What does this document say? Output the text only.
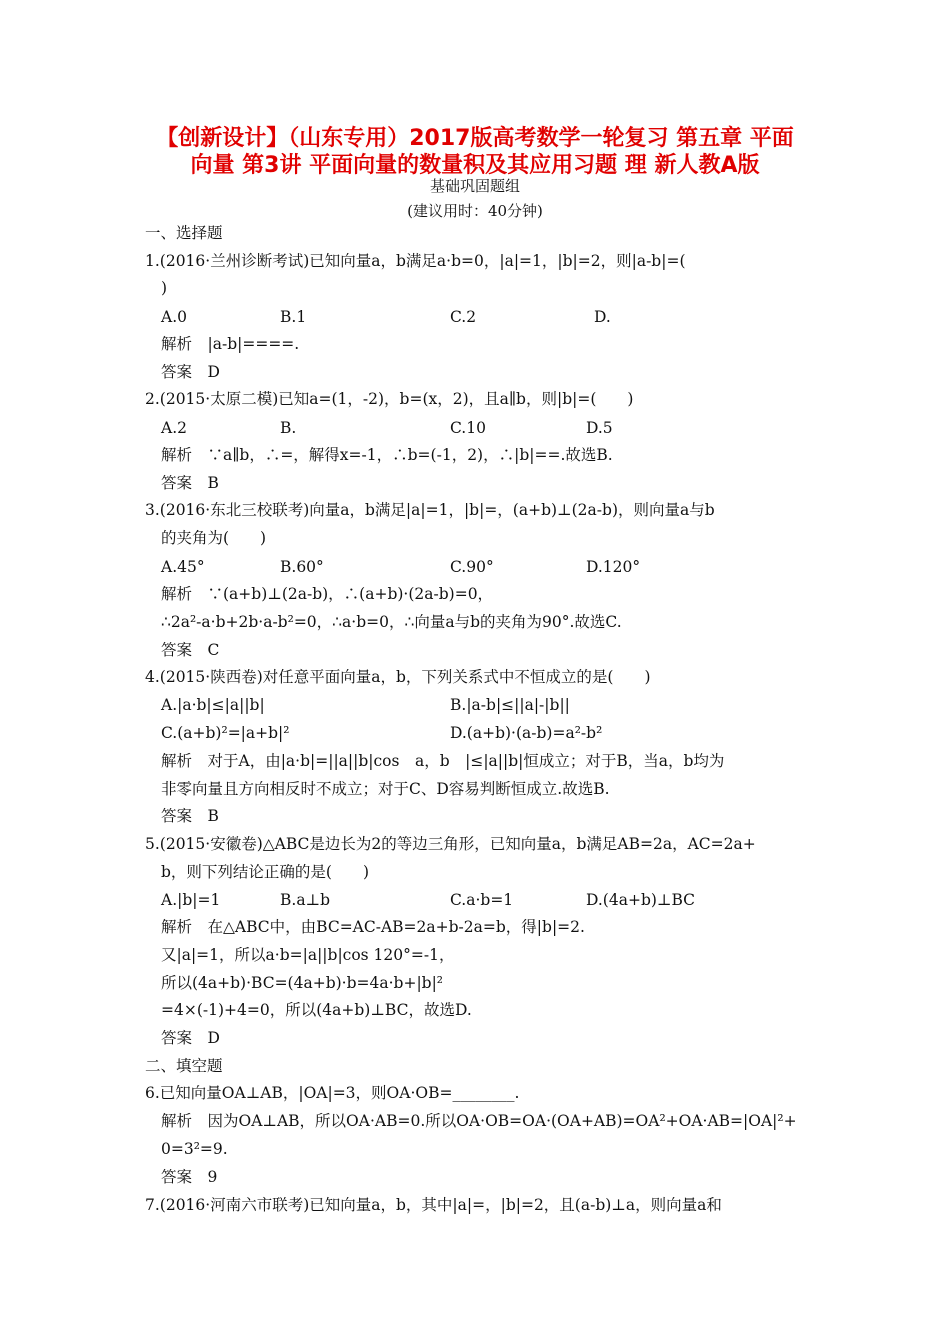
【创新设计】（山东专用）2017版高考数学一轮复习 第五章 平面
向量 第3讲 平面向量的数量积及其应用习题 理 新人教A版
基础巩固题组
(建议用时：40分钟)
一、选择题
1.(2016·兰州诊断考试)已知向量a，b满足a·b=0，|a|=1，|b|=2，则|a-b|=(
)
A.0	B.1	C.2	D.
解析　|a-b|====.
答案　D
2.(2015·太原二模)已知a=(1，-2)，b=(x，2)，且a∥b，则|b|=(　　)
A.2	B.	C.10	D.5
解析　∵a∥b，∴=，解得x=-1，∴b=(-1，2)，∴|b|==.故选B.
答案　B
3.(2016·东北三校联考)向量a，b满足|a|=1，|b|=，(a+b)⊥(2a-b)，则向量a与b
的夹角为(　　)
A.45°	B.60°	C.90°	D.120°
解析　∵(a+b)⊥(2a-b)，∴(a+b)·(2a-b)=0，
∴2a²-a·b+2b·a-b²=0，∴a·b=0，∴向量a与b的夹角为90°.故选C.
答案　C
4.(2015·陕西卷)对任意平面向量a，b，下列关系式中不恒成立的是(　　)
A.|a·b|≤|a||b|	B.|a-b|≤||a|-|b||
C.(a+b)²=|a+b|²	D.(a+b)·(a-b)=a²-b²
解析　对于A，由|a·b|=||a||b|cos　a，b　|≤|a||b|恒成立；对于B，当a，b均为
非零向量且方向相反时不成立；对于C、D容易判断恒成立.故选B.
答案　B
5.(2015·安徽卷)△ABC是边长为2的等边三角形，已知向量a，b满足AB=2a，AC=2a+
b，则下列结论正确的是(　　)
A.|b|=1	B.a⊥b	C.a·b=1	D.(4a+b)⊥BC
解析　在△ABC中，由BC=AC-AB=2a+b-2a=b，得|b|=2.
又|a|=1，所以a·b=|a||b|cos 120°=-1，
所以(4a+b)·BC=(4a+b)·b=4a·b+|b|²
=4×(-1)+4=0，所以(4a+b)⊥BC，故选D.
答案　D
二、填空题
6.已知向量OA⊥AB，|OA|=3，则OA·OB=________.
解析　因为OA⊥AB，所以OA·AB=0.所以OA·OB=OA·(OA+AB)=OA²+OA·AB=|OA|²+
0=3²=9.
答案　9
7.(2016·河南六市联考)已知向量a，b，其中|a|=，|b|=2，且(a-b)⊥a，则向量a和
